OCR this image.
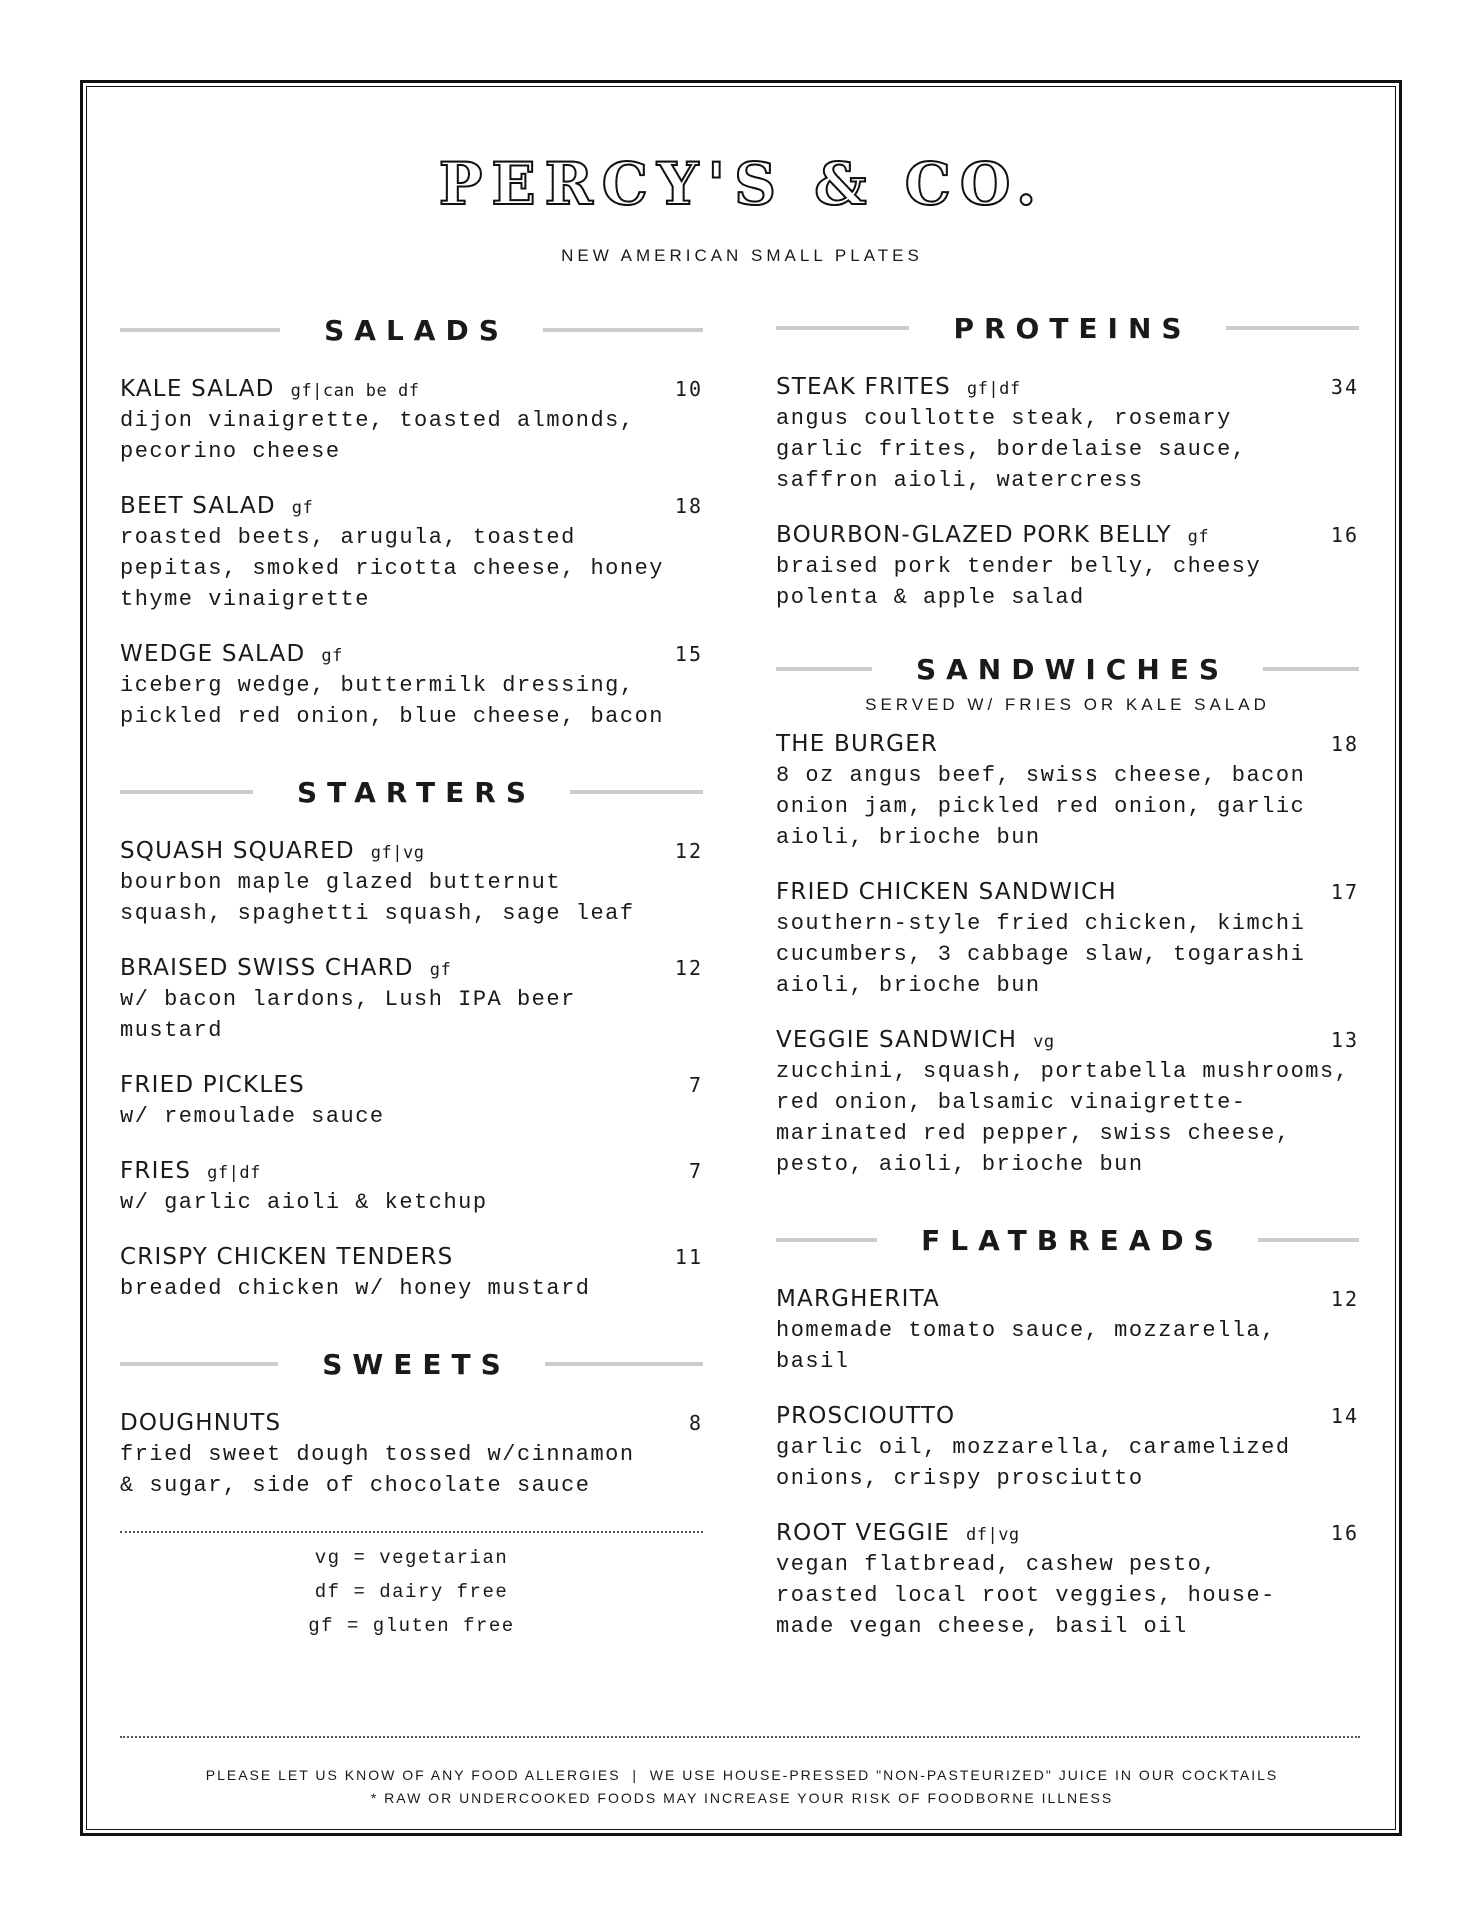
PERCY'S & CO.
NEW AMERICAN SMALL PLATES
SALADS
KALE SALAD gf|can be df	10
dijon vinaigrette, toasted almonds,
pecorino cheese
BEET SALAD gf	18
roasted beets, arugula, toasted
pepitas, smoked ricotta cheese, honey
thyme vinaigrette
WEDGE SALAD gf	15
iceberg wedge, buttermilk dressing,
pickled red onion, blue cheese, bacon
STARTERS
SQUASH SQUARED gf|vg	12
bourbon maple glazed butternut
squash, spaghetti squash, sage leaf
BRAISED SWISS CHARD gf	12
w/ bacon lardons, Lush IPA beer
mustard
FRIED PICKLES	7
w/ remoulade sauce
FRIES gf|df	7
w/ garlic aioli & ketchup
CRISPY CHICKEN TENDERS	11
breaded chicken w/ honey mustard
SWEETS
DOUGHNUTS	8
fried sweet dough tossed w/cinnamon
& sugar, side of chocolate sauce
vg = vegetarian
df = dairy free
gf = gluten free
PROTEINS
STEAK FRITES gf|df	34
angus coullotte steak, rosemary
garlic frites, bordelaise sauce,
saffron aioli, watercress
BOURBON-GLAZED PORK BELLY gf	16
braised pork tender belly, cheesy
polenta & apple salad
SANDWICHES
SERVED W/ FRIES OR KALE SALAD
THE BURGER	18
8 oz angus beef, swiss cheese, bacon
onion jam, pickled red onion, garlic
aioli, brioche bun
FRIED CHICKEN SANDWICH	17
southern-style fried chicken, kimchi
cucumbers, 3 cabbage slaw, togarashi
aioli, brioche bun
VEGGIE SANDWICH vg	13
zucchini, squash, portabella mushrooms,
red onion, balsamic vinaigrette-
marinated red pepper, swiss cheese,
pesto, aioli, brioche bun
FLATBREADS
MARGHERITA	12
homemade tomato sauce, mozzarella,
basil
PROSCIOUTTO	14
garlic oil, mozzarella, caramelized
onions, crispy prosciutto
ROOT VEGGIE df|vg	16
vegan flatbread, cashew pesto,
roasted local root veggies, house-
made vegan cheese, basil oil
PLEASE LET US KNOW OF ANY FOOD ALLERGIES  |  WE USE HOUSE-PRESSED "NON-PASTEURIZED" JUICE IN OUR COCKTAILS
* RAW OR UNDERCOOKED FOODS MAY INCREASE YOUR RISK OF FOODBORNE ILLNESS
